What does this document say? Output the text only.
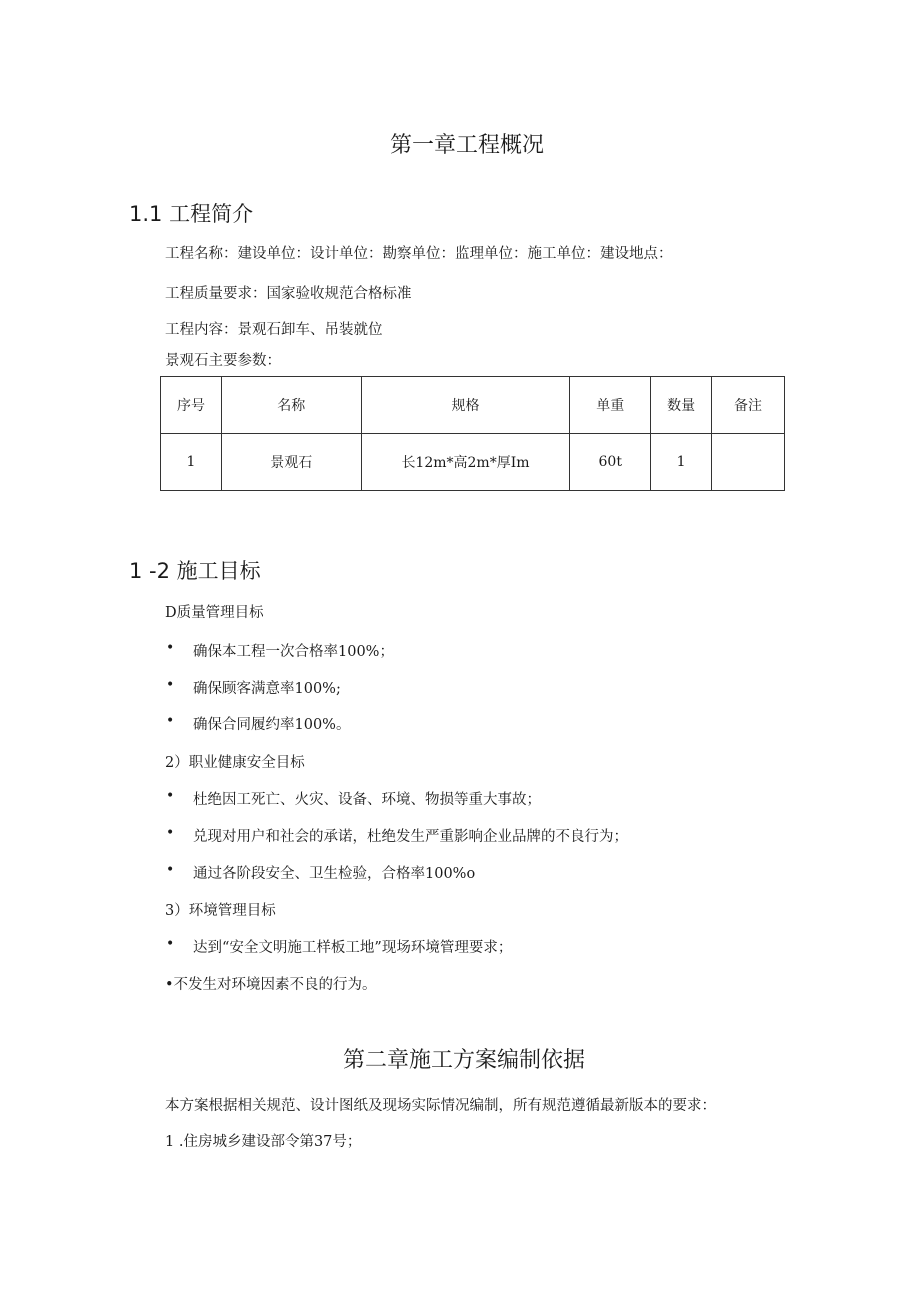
第一章工程概况
1.1 工程简介
工程名称：建设单位：设计单位：勘察单位：监理单位：施工单位：建设地点：
工程质量要求：国家验收规范合格标准
工程内容：景观石卸车、吊装就位
景观石主要参数：
序号	名称	规格	单重	数量	备注
1	景观石	长12m*高2m*厚Im	60t	1	
1 -2 施工目标
D质量管理目标
• 确保本工程一次合格率100%；
• 确保顾客满意率100%;
• 确保合同履约率100%。
2）职业健康安全目标
• 杜绝因工死亡、火灾、设备、环境、物损等重大事故；
• 兑现对用户和社会的承诺，杜绝发生严重影响企业品牌的不良行为；
• 通过各阶段安全、卫生检验，合格率100%o
3）环境管理目标
• 达到“安全文明施工样板工地”现场环境管理要求；
•不发生对环境因素不良的行为。
第二章施工方案编制依据
本方案根据相关规范、设计图纸及现场实际情况编制，所有规范遵循最新版本的要求：
1 .住房城乡建设部令第37号；
